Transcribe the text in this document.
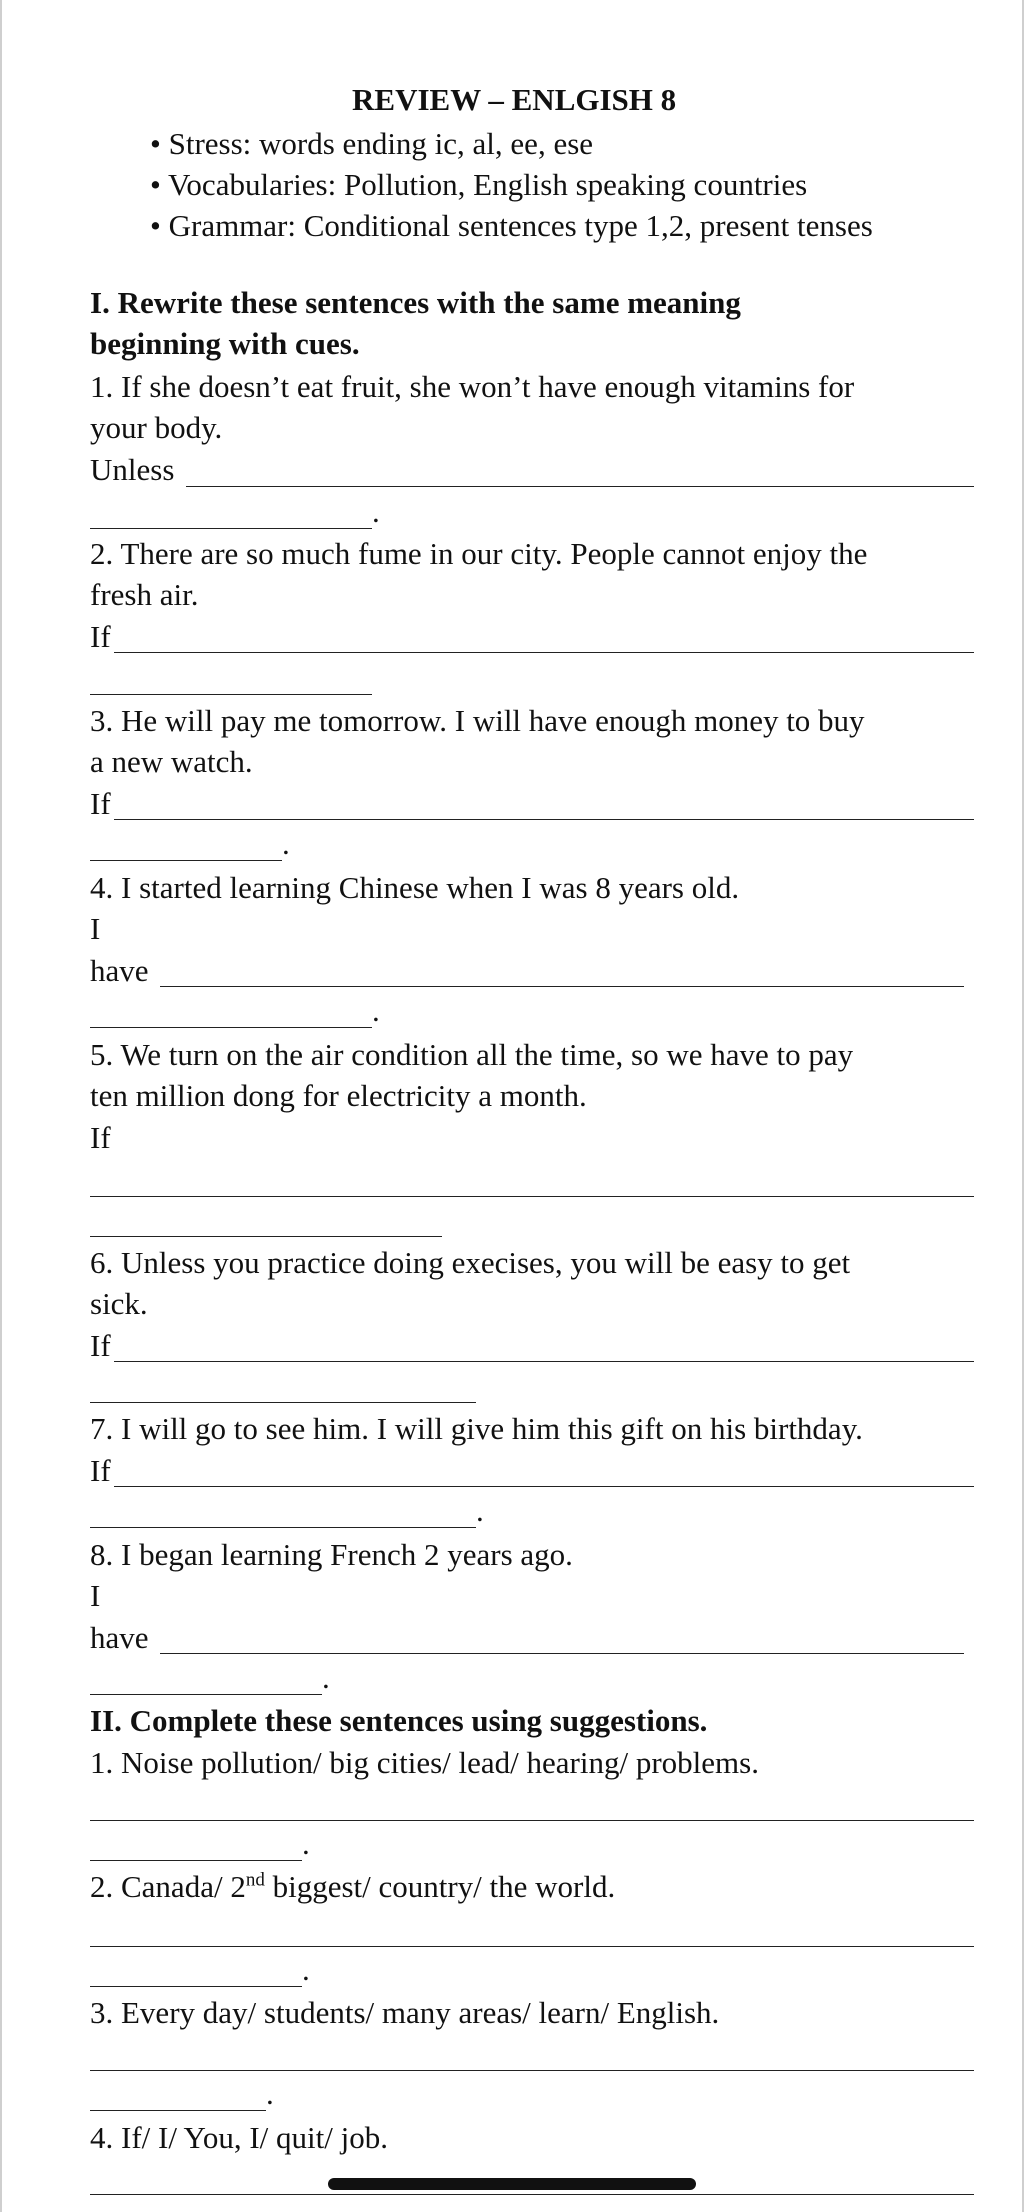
REVIEW – ENLGISH 8
• Stress: words ending ic, al, ee, ese
• Vocabularies: Pollution, English speaking countries
• Grammar: Conditional sentences type 1,2, present tenses
I. Rewrite these sentences with the same meaning
beginning with cues.
1. If she doesn’t eat fruit, she won’t have enough vitamins for
your body.
Unless
.
2. There are so much fume in our city. People cannot enjoy the
fresh air.
If
3. He will pay me tomorrow. I will have enough money to buy
a new watch.
If
.
4. I started learning Chinese when I was 8 years old.
I
have
.
5. We turn on the air condition all the time, so we have to pay
ten million dong for electricity a month.
If
6. Unless you practice doing execises, you will be easy to get
sick.
If
7. I will go to see him. I will give him this gift on his birthday.
If
.
8. I began learning French 2 years ago.
I
have
.
II. Complete these sentences using suggestions.
1. Noise pollution/ big cities/ lead/ hearing/ problems.
.
2. Canada/ 2nd biggest/ country/ the world.
.
3. Every day/ students/ many areas/ learn/ English.
.
4. If/ I/ You, I/ quit/ job.
